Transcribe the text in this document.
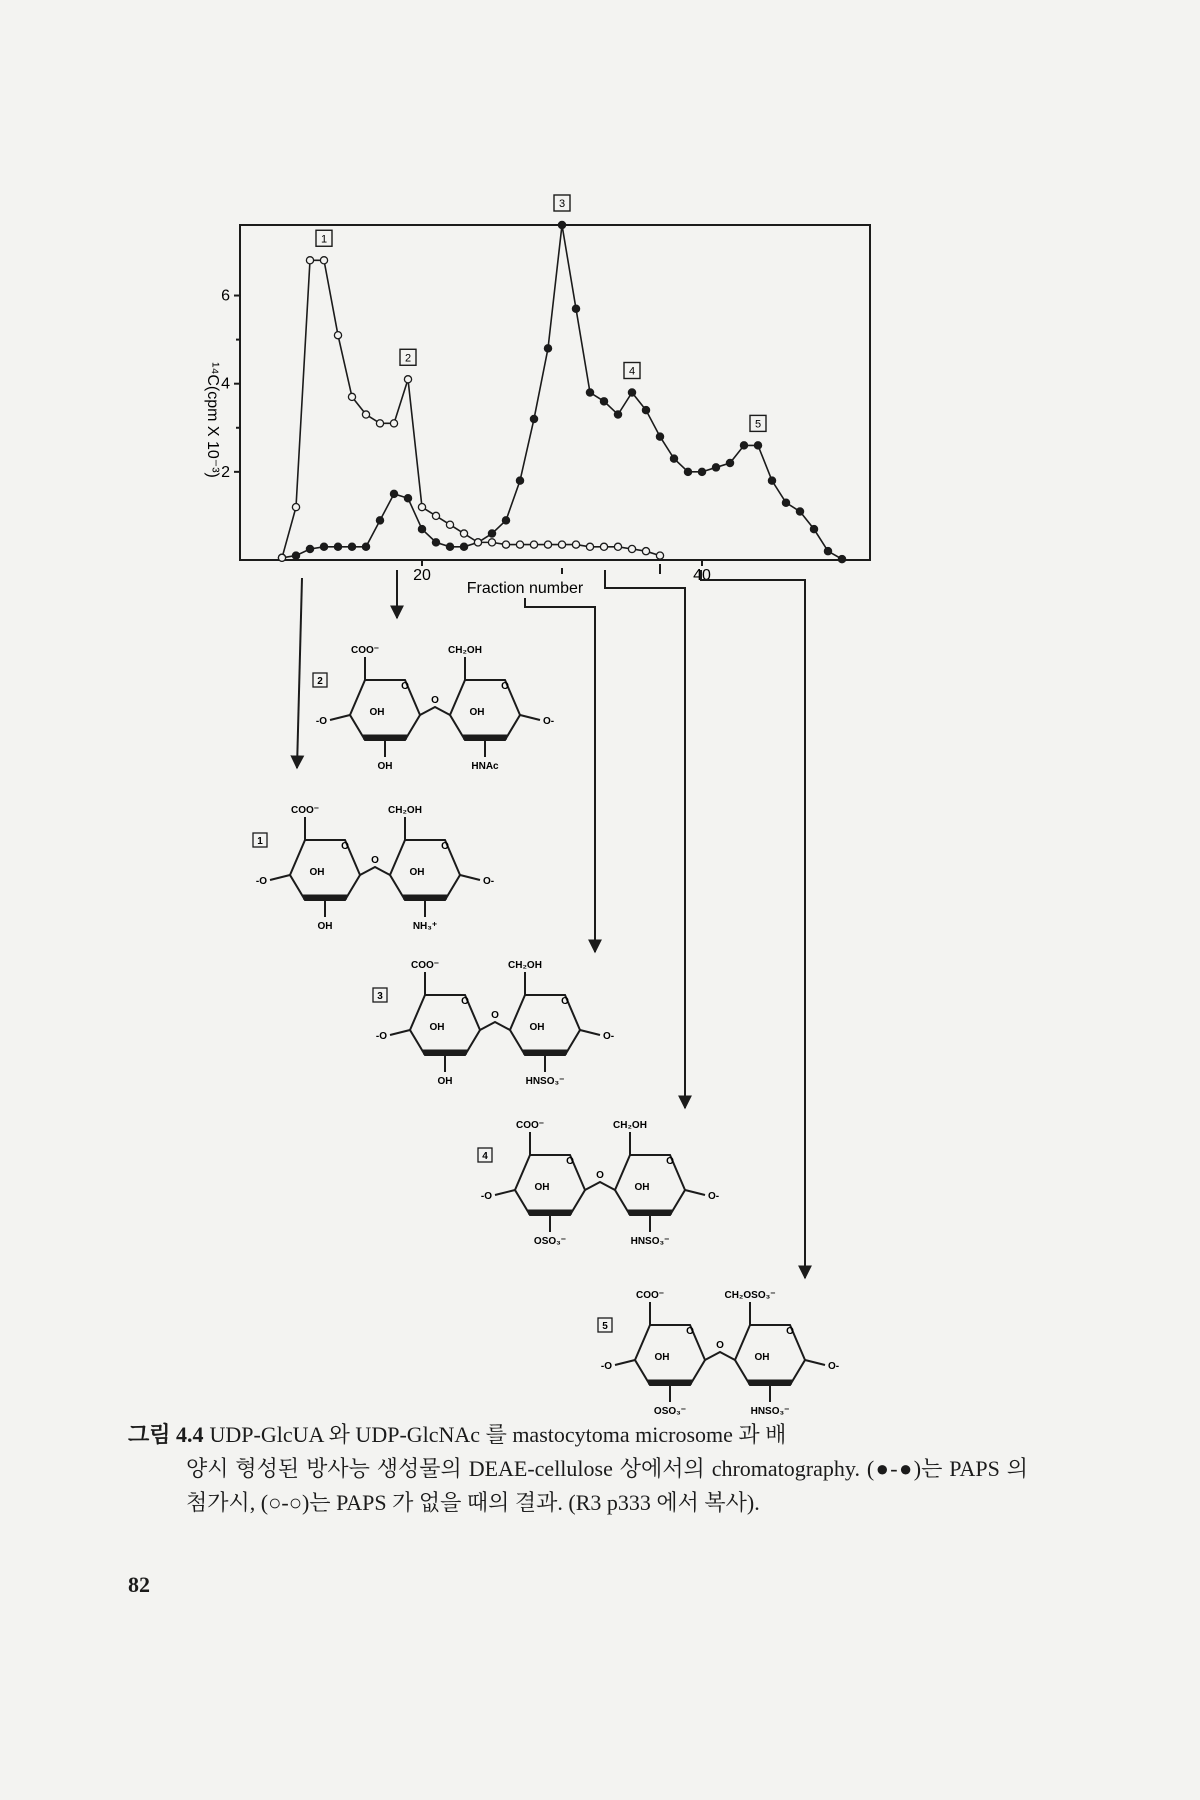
2
4
6
20	40
¹⁴C(cpm X 10⁻³)
Fraction number
1
2
3
4
5
2
COO⁻	CH₂OH
O	O
O
OH	OH
OH	HNAc
-O	O-
1
COO⁻	CH₂OH
O	O
O
OH	OH
OH	NH₃⁺
-O	O-
3
COO⁻	CH₂OH
O	O
O
OH	OH
OH	HNSO₃⁻
-O	O-
4
COO⁻	CH₂OH
O	O
O
OH	OH
OSO₃⁻	HNSO₃⁻
-O	O-
5
COO⁻	CH₂OSO₃⁻
O	O
O
OH	OH
OSO₃⁻	HNSO₃⁻
-O	O-
그림 4.4 UDP-GlcUA 와 UDP-GlcNAc 를 mastocytoma microsome 과 배
양시 형성된 방사능 생성물의 DEAE-cellulose 상에서의 chromatography. (●-●)는 PAPS 의 첨가시, (○-○)는 PAPS 가 없을 때의 결과. (R3 p333 에서 복사).
82
